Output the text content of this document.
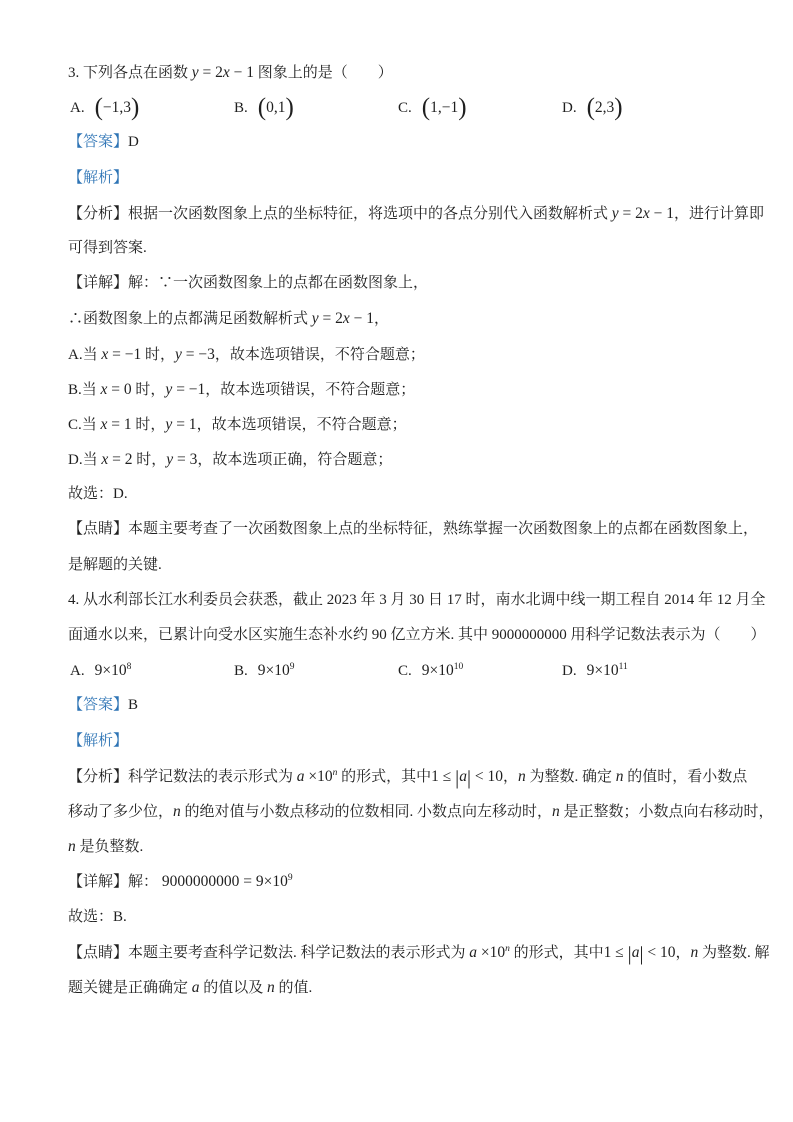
3. 下列各点在函数 y = 2x − 1 图象上的是（　　）
A. (−1,3)	B. (0,1)	C. (1,−1)	D. (2,3)
【答案】D
【解析】
【分析】根据一次函数图象上点的坐标特征，将选项中的各点分别代入函数解析式 y = 2x − 1，进行计算即
可得到答案.
【详解】解：∵一次函数图象上的点都在函数图象上，
∴函数图象上的点都满足函数解析式 y = 2x − 1，
A.当 x = −1 时，y = −3，故本选项错误，不符合题意；
B.当 x = 0 时，y = −1，故本选项错误，不符合题意；
C.当 x = 1 时，y = 1，故本选项错误，不符合题意；
D.当 x = 2 时，y = 3，故本选项正确，符合题意；
故选：D.
【点睛】本题主要考查了一次函数图象上点的坐标特征，熟练掌握一次函数图象上的点都在函数图象上，
是解题的关键.
4. 从水利部长江水利委员会获悉，截止 2023 年 3 月 30 日 17 时，南水北调中线一期工程自 2014 年 12 月全
面通水以来，已累计向受水区实施生态补水约 90 亿立方米. 其中 9000000000 用科学记数法表示为（　　）
A. $9\times 10^8$	B. $9\times 10^9$	C. $9\times 10^{10}$	D. $9\times 10^{11}$
【答案】B
【解析】
【分析】科学记数法的表示形式为 $a \times 10^n$ 的形式，其中1 ≤ |a| < 10，n 为整数. 确定 n 的值时，看小数点
移动了多少位，n 的绝对值与小数点移动的位数相同. 小数点向左移动时，n 是正整数；小数点向右移动时，
n 是负整数.
【详解】解： $9000000000 = 9\times 10^9$
故选：B.
【点睛】本题主要考查科学记数法. 科学记数法的表示形式为 $a \times 10^n$ 的形式，其中1 ≤ |a| < 10，n 为整数. 解
题关键是正确确定 a 的值以及 n 的值.
